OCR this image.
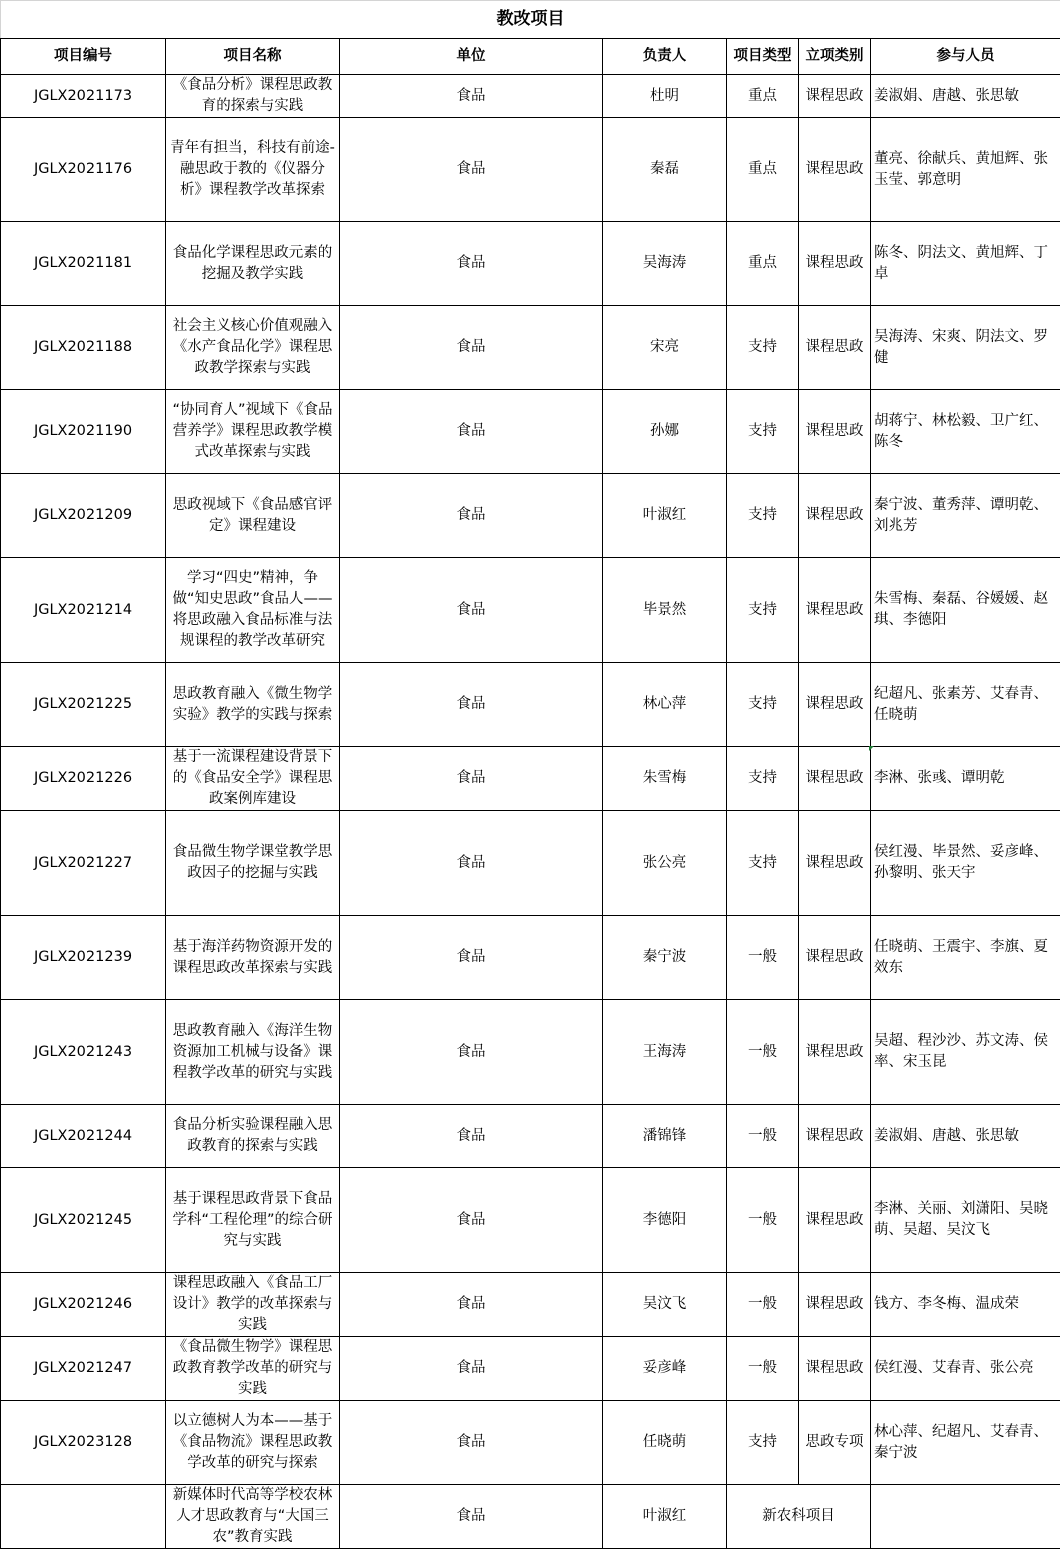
教改项目						
项目编号	项目名称	单位	负责人	项目类型	立项类别	参与人员
JGLX2021173	《食品分析》课程思政教育的探索与实践	食品	杜明	重点	课程思政	姜淑娟、唐越、张思敏
JGLX2021176	青年有担当，科技有前途-融思政于教的《仪器分析》课程教学改革探索	食品	秦磊	重点	课程思政	董亮、徐献兵、黄旭辉、张玉莹、郭意明
JGLX2021181	食品化学课程思政元素的挖掘及教学实践	食品	吴海涛	重点	课程思政	陈冬、阴法文、黄旭辉、丁卓
JGLX2021188	社会主义核心价值观融入《水产食品化学》课程思政教学探索与实践	食品	宋亮	支持	课程思政	吴海涛、宋爽、阴法文、罗健
JGLX2021190	“协同育人”视域下《食品营养学》课程思政教学模式改革探索与实践	食品	孙娜	支持	课程思政	胡蒋宁、林松毅、卫广红、陈冬
JGLX2021209	思政视域下《食品感官评定》课程建设	食品	叶淑红	支持	课程思政	秦宁波、董秀萍、谭明乾、刘兆芳
JGLX2021214	学习“四史”精神，争做“知史思政”食品人——将思政融入食品标准与法规课程的教学改革研究	食品	毕景然	支持	课程思政	朱雪梅、秦磊、谷媛媛、赵琪、李德阳
JGLX2021225	思政教育融入《微生物学实验》教学的实践与探索	食品	林心萍	支持	课程思政	纪超凡、张素芳、艾春青、任晓萌
JGLX2021226	基于一流课程建设背景下的《食品安全学》课程思政案例库建设	食品	朱雪梅	支持	课程思政	李淋、张彧、谭明乾
JGLX2021227	食品微生物学课堂教学思政因子的挖掘与实践	食品	张公亮	支持	课程思政	侯红漫、毕景然、妥彦峰、孙黎明、张天宇
JGLX2021239	基于海洋药物资源开发的课程思政改革探索与实践	食品	秦宁波	一般	课程思政	任晓萌、王震宇、李旗、夏效东
JGLX2021243	思政教育融入《海洋生物资源加工机械与设备》课程教学改革的研究与实践	食品	王海涛	一般	课程思政	吴超、程沙沙、苏文涛、侯率、宋玉昆
JGLX2021244	食品分析实验课程融入思政教育的探索与实践	食品	潘锦锋	一般	课程思政	姜淑娟、唐越、张思敏
JGLX2021245	基于课程思政背景下食品学科“工程伦理”的综合研究与实践	食品	李德阳	一般	课程思政	李淋、关丽、刘潇阳、吴晓萌、吴超、吴汶飞
JGLX2021246	课程思政融入《食品工厂设计》教学的改革探索与实践	食品	吴汶飞	一般	课程思政	钱方、李冬梅、温成荣
JGLX2021247	《食品微生物学》课程思政教育教学改革的研究与实践	食品	妥彦峰	一般	课程思政	侯红漫、艾春青、张公亮
JGLX2023128	以立德树人为本——基于《食品物流》课程思政教学改革的研究与探索	食品	任晓萌	支持	思政专项	林心萍、纪超凡、艾春青、秦宁波
	新媒体时代高等学校农林人才思政教育与“大国三农”教育实践	食品	叶淑红	新农科项目		
